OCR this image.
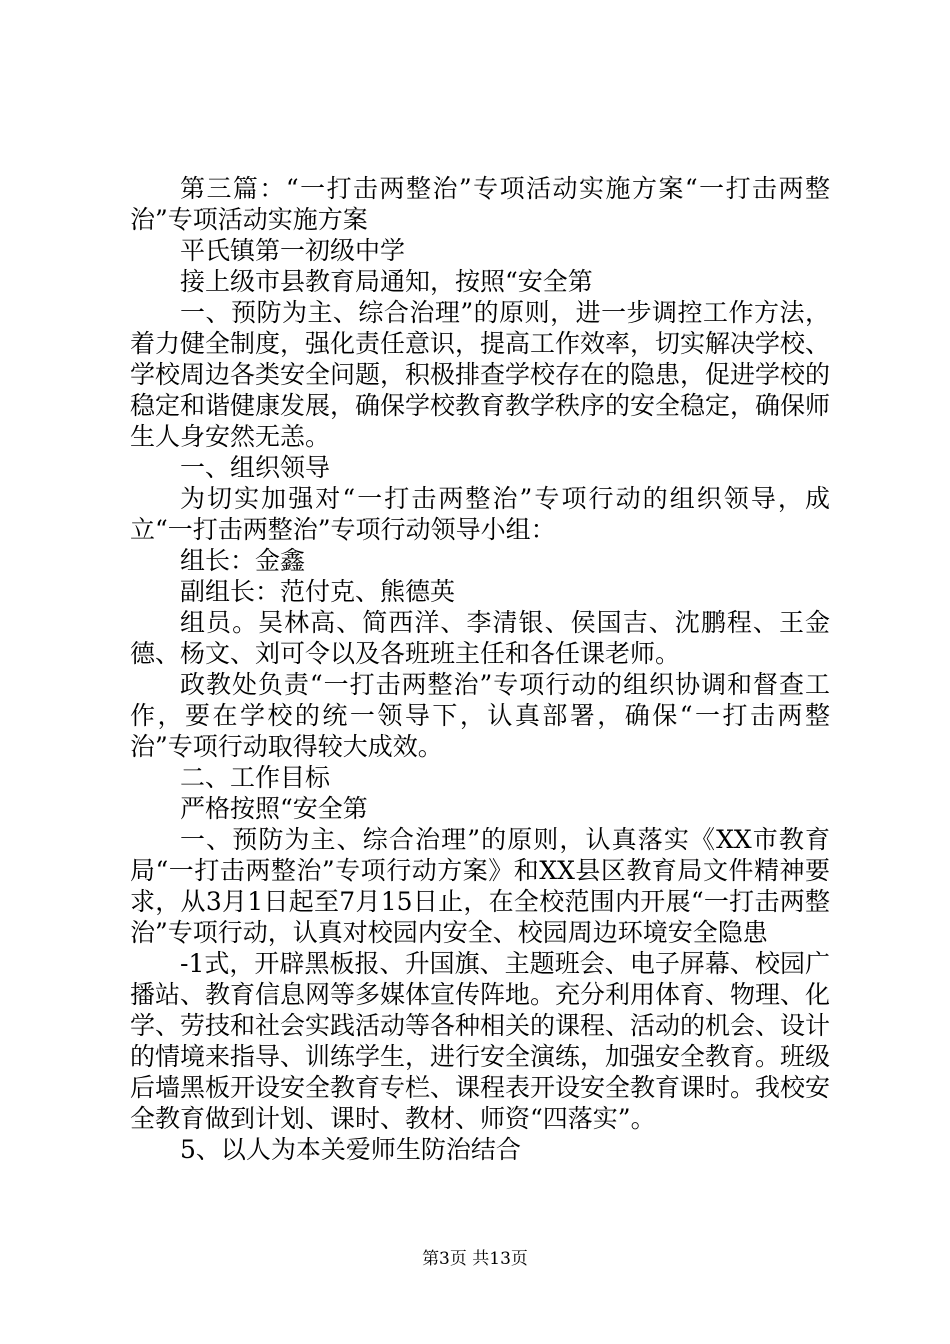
第三篇：“一打击两整治”专项活动实施方案“一打击两整治”专项活动实施方案

平氏镇第一初级中学

接上级市县教育局通知，按照“安全第

一、预防为主、综合治理”的原则，进一步调控工作方法，着力健全制度，强化责任意识，提高工作效率，切实解决学校、学校周边各类安全问题，积极排查学校存在的隐患，促进学校的稳定和谐健康发展，确保学校教育教学秩序的安全稳定，确保师生人身安然无恙。

一、组织领导

为切实加强对“一打击两整治”专项行动的组织领导，成立“一打击两整治”专项行动领导小组：

组长：金鑫

副组长：范付克、熊德英

组员。吴林高、简西洋、李清银、侯国吉、沈鹏程、王金德、杨文、刘可令以及各班班主任和各任课老师。

政教处负责“一打击两整治”专项行动的组织协调和督查工作，要在学校的统一领导下，认真部署，确保“一打击两整治”专项行动取得较大成效。

二、工作目标

严格按照“安全第

一、预防为主、综合治理”的原则，认真落实《XX市教育局“一打击两整治”专项行动方案》和XX县区教育局文件精神要求，从3月1日起至7月15日止，在全校范围内开展“一打击两整治”专项行动，认真对校园内安全、校园周边环境安全隐患

-1式，开辟黑板报、升国旗、主题班会、电子屏幕、校园广播站、教育信息网等多媒体宣传阵地。充分利用体育、物理、化学、劳技和社会实践活动等各种相关的课程、活动的机会、设计的情境来指导、训练学生，进行安全演练，加强安全教育。班级后墙黑板开设安全教育专栏、课程表开设安全教育课时。我校安全教育做到计划、课时、教材、师资“四落实”。

5、以人为本关爱师生防治结合

第3页 共13页
